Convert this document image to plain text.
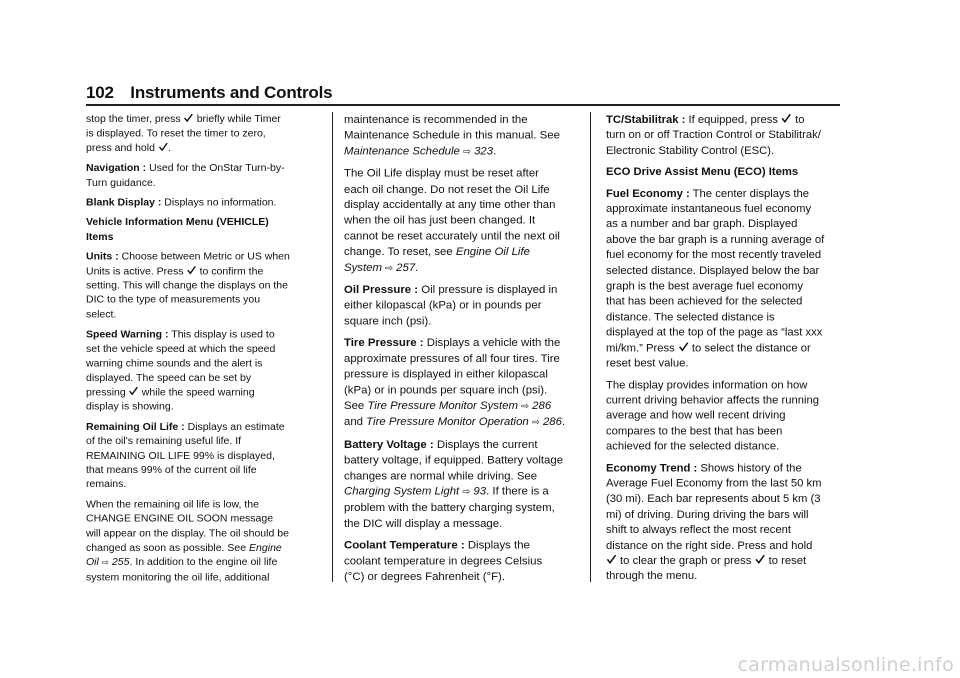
102 Instruments and Controls

stop the timer, press briefly while Timer is displayed. To reset the timer to zero, press and hold .

Navigation : Used for the OnStar Turn-by-Turn guidance.

Blank Display : Displays no information.

Vehicle Information Menu (VEHICLE) Items

Units : Choose between Metric or US when Units is active. Press to confirm the setting. This will change the displays on the DIC to the type of measurements you select.

Speed Warning : This display is used to set the vehicle speed at which the speed warning chime sounds and the alert is displayed. The speed can be set by pressing while the speed warning display is showing.

Remaining Oil Life : Displays an estimate of the oil's remaining useful life. If REMAINING OIL LIFE 99% is displayed, that means 99% of the current oil life remains.

When the remaining oil life is low, the CHANGE ENGINE OIL SOON message will appear on the display. The oil should be changed as soon as possible. See Engine Oil ⇨ 255. In addition to the engine oil life system monitoring the oil life, additional

maintenance is recommended in the Maintenance Schedule in this manual. See Maintenance Schedule ⇨ 323.

The Oil Life display must be reset after each oil change. Do not reset the Oil Life display accidentally at any time other than when the oil has just been changed. It cannot be reset accurately until the next oil change. To reset, see Engine Oil Life System ⇨ 257.

Oil Pressure : Oil pressure is displayed in either kilopascal (kPa) or in pounds per square inch (psi).

Tire Pressure : Displays a vehicle with the approximate pressures of all four tires. Tire pressure is displayed in either kilopascal (kPa) or in pounds per square inch (psi). See Tire Pressure Monitor System ⇨ 286 and Tire Pressure Monitor Operation ⇨ 286.

Battery Voltage : Displays the current battery voltage, if equipped. Battery voltage changes are normal while driving. See Charging System Light ⇨ 93. If there is a problem with the battery charging system, the DIC will display a message.

Coolant Temperature : Displays the coolant temperature in degrees Celsius (°C) or degrees Fahrenheit (°F).

TC/Stabilitrak : If equipped, press to turn on or off Traction Control or Stabilitrak/ Electronic Stability Control (ESC).

ECO Drive Assist Menu (ECO) Items

Fuel Economy : The center displays the approximate instantaneous fuel economy as a number and bar graph. Displayed above the bar graph is a running average of fuel economy for the most recently traveled selected distance. Displayed below the bar graph is the best average fuel economy that has been achieved for the selected distance. The selected distance is displayed at the top of the page as “last xxx mi/km.” Press to select the distance or reset best value.

The display provides information on how current driving behavior affects the running average and how well recent driving compares to the best that has been achieved for the selected distance.

Economy Trend : Shows history of the Average Fuel Economy from the last 50 km (30 mi). Each bar represents about 5 km (3 mi) of driving. During driving the bars will shift to always reflect the most recent distance on the right side. Press and hold
to clear the graph or press to reset through the menu.

carmanualsonline.info
